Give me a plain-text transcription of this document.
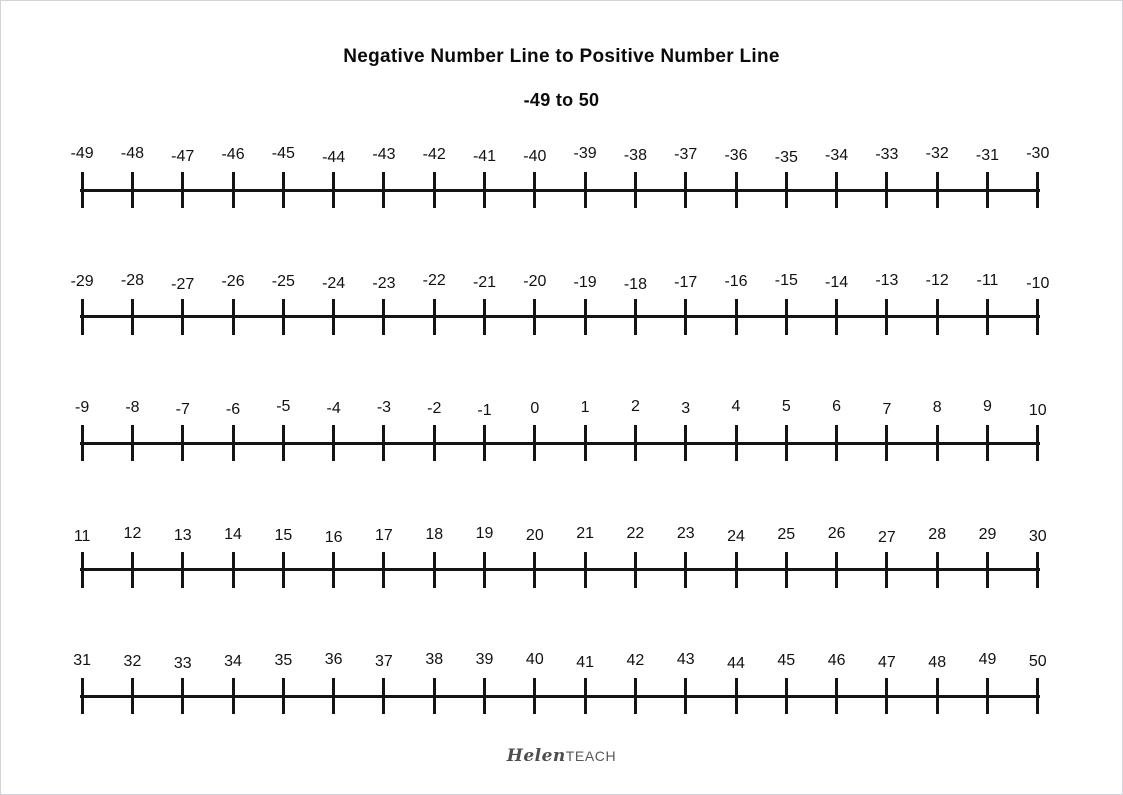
Negative Number Line to Positive Number Line
-49 to 50
-49	-48	-47	-46	-45	-44	-43	-42	-41	-40	-39	-38	-37	-36	-35	-34	-33	-32	-31	-30
-29	-28	-27	-26	-25	-24	-23	-22	-21	-20	-19	-18	-17	-16	-15	-14	-13	-12	-11	-10
-9	-8	-7	-6	-5	-4	-3	-2	-1	0	1	2	3	4	5	6	7	8	9	10
11	12	13	14	15	16	17	18	19	20	21	22	23	24	25	26	27	28	29	30
31	32	33	34	35	36	37	38	39	40	41	42	43	44	45	46	47	48	49	50
HelenTEACH
